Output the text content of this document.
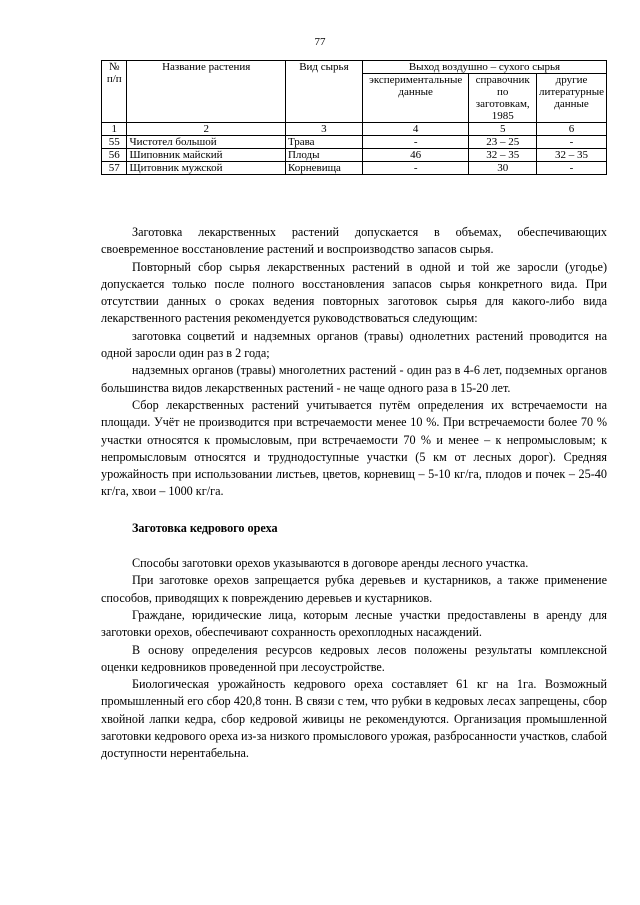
77
№ п/п	Название растения	Вид сырья	Выход воздушно – сухого сырья		
			экспериментальные данные	справочник по заготовкам, 1985	другие литературные данные
1	2	3	4	5	6
55	Чистотел большой	Трава	-	23 – 25	-
56	Шиповник майский	Плоды	46	32 – 35	32 – 35
57	Щитовник мужской	Корневища	-	30	-

Заготовка лекарственных растений допускается в объемах, обеспечивающих своевременное восстановление растений и воспроизводство запасов сырья.

Повторный сбор сырья лекарственных растений в одной и той же заросли (угодье) допускается только после полного восстановления запасов сырья конкретного вида. При отсутствии данных о сроках ведения повторных заготовок сырья для какого-либо вида лекарственного растения рекомендуется руководствоваться следующим:

заготовка соцветий и надземных органов (травы) однолетних растений проводится на одной заросли один раз в 2 года;

надземных органов (травы) многолетних растений - один раз в 4-6 лет, подземных органов большинства видов лекарственных растений - не чаще одного раза в 15-20 лет.

Сбор лекарственных растений учитывается путём определения их встречаемости на площади. Учёт не производится при встречаемости менее 10 %. При встречаемости более 70 % участки относятся к промысловым, при встречаемости 70 % и менее – к непромысловым; к непромысловым относятся и труднодоступные участки (5 км от лесных дорог). Средняя урожайность при использовании листьев, цветов, корневищ – 5-10 кг/га, плодов и почек – 25-40 кг/га, хвои – 1000 кг/га.

Заготовка кедрового ореха

Способы заготовки орехов указываются в договоре аренды лесного участка.

При заготовке орехов запрещается рубка деревьев и кустарников, а также применение способов, приводящих к повреждению деревьев и кустарников.

Граждане, юридические лица, которым лесные участки предоставлены в аренду для заготовки орехов, обеспечивают сохранность орехоплодных насаждений.

В основу определения ресурсов кедровых лесов положены результаты комплексной оценки кедровников проведенной при лесоустройстве.

Биологическая урожайность кедрового ореха составляет 61 кг на 1га. Возможный промышленный его сбор 420,8 тонн. В связи с тем, что рубки в кедровых лесах запрещены, сбор хвойной лапки кедра, сбор кедровой живицы не рекомендуются. Организация промышленной заготовки кедрового ореха из-за низкого промыслового урожая, разбросанности участков, слабой доступности нерентабельна.
